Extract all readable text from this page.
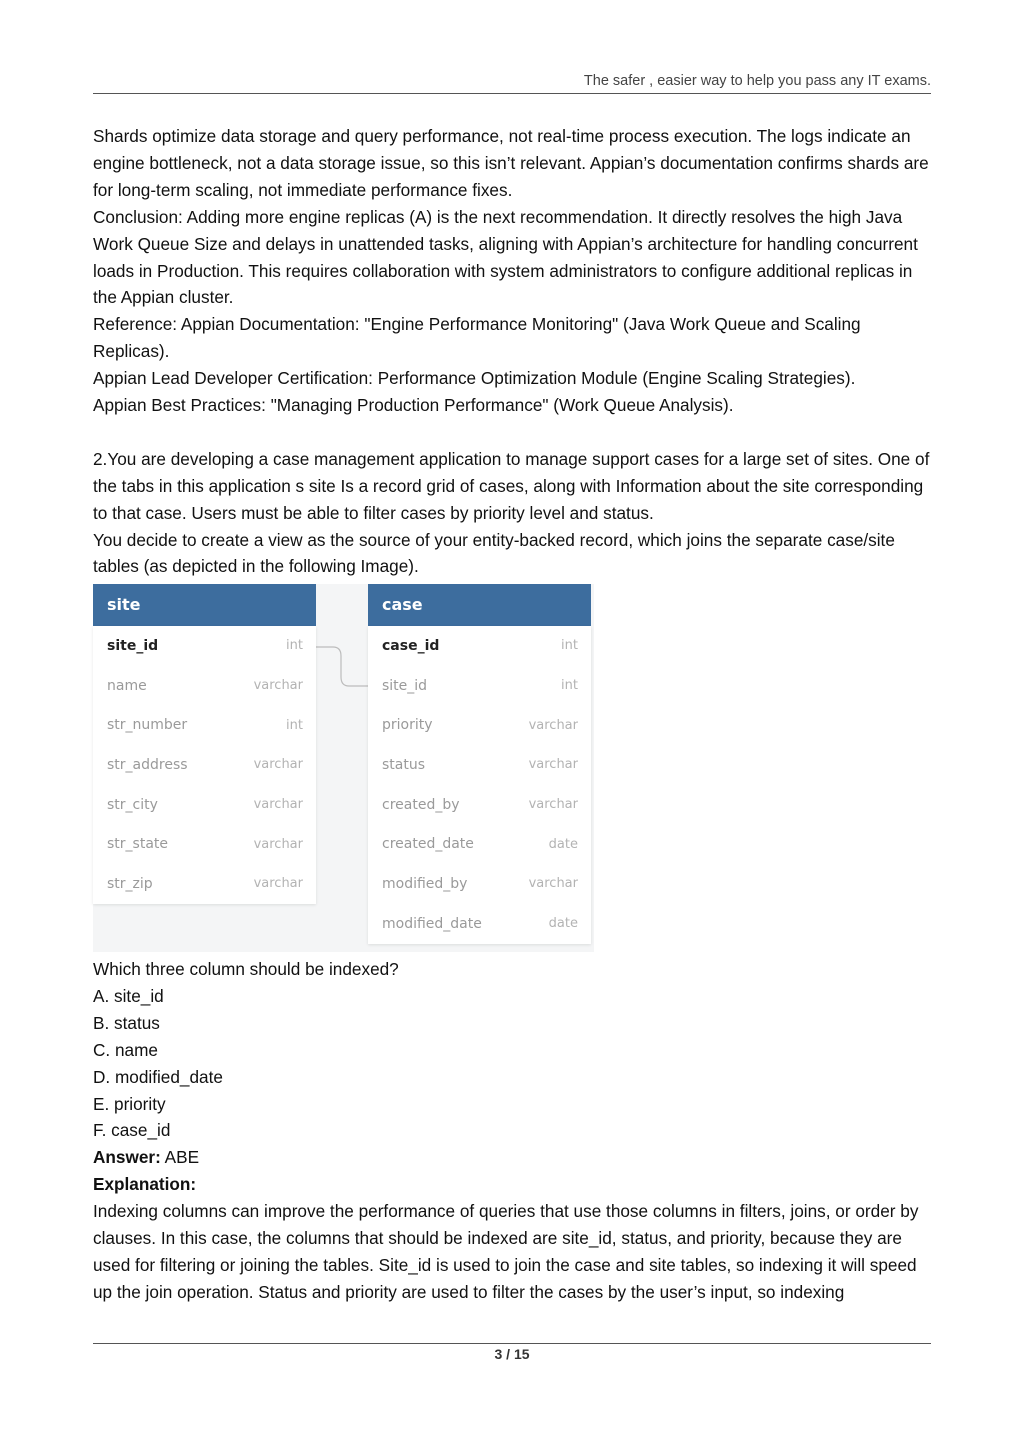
The safer , easier way to help you pass any IT exams.

Shards optimize data storage and query performance, not real-time process execution. The logs indicate an engine bottleneck, not a data storage issue, so this isn’t relevant. Appian’s documentation confirms shards are for long-term scaling, not immediate performance fixes.

Conclusion: Adding more engine replicas (A) is the next recommendation. It directly resolves the high Java Work Queue Size and delays in unattended tasks, aligning with Appian’s architecture for handling concurrent loads in Production. This requires collaboration with system administrators to configure additional replicas in the Appian cluster.

Reference: Appian Documentation: "Engine Performance Monitoring" (Java Work Queue and Scaling Replicas).

Appian Lead Developer Certification: Performance Optimization Module (Engine Scaling Strategies).

Appian Best Practices: "Managing Production Performance" (Work Queue Analysis).

2.You are developing a case management application to manage support cases for a large set of sites. One of the tabs in this application s site Is a record grid of cases, along with Information about the site corresponding to that case. Users must be able to filter cases by priority level and status.

You decide to create a view as the source of your entity-backed record, which joins the separate case/site tables (as depicted in the following Image).

site
site_id	int
name	varchar
str_number	int
str_address	varchar
str_city	varchar
str_state	varchar
str_zip	varchar
case
case_id	int
site_id	int
priority	varchar
status	varchar
created_by	varchar
created_date	date
modified_by	varchar
modified_date	date

Which three column should be indexed?

A. site_id

B. status

C. name

D. modified_date

E. priority

F. case_id

Answer: ABE

Explanation:

Indexing columns can improve the performance of queries that use those columns in filters, joins, or order by clauses. In this case, the columns that should be indexed are site_id, status, and priority, because they are used for filtering or joining the tables. Site_id is used to join the case and site tables, so indexing it will speed up the join operation. Status and priority are used to filter the cases by the user’s input, so indexing

3 / 15
